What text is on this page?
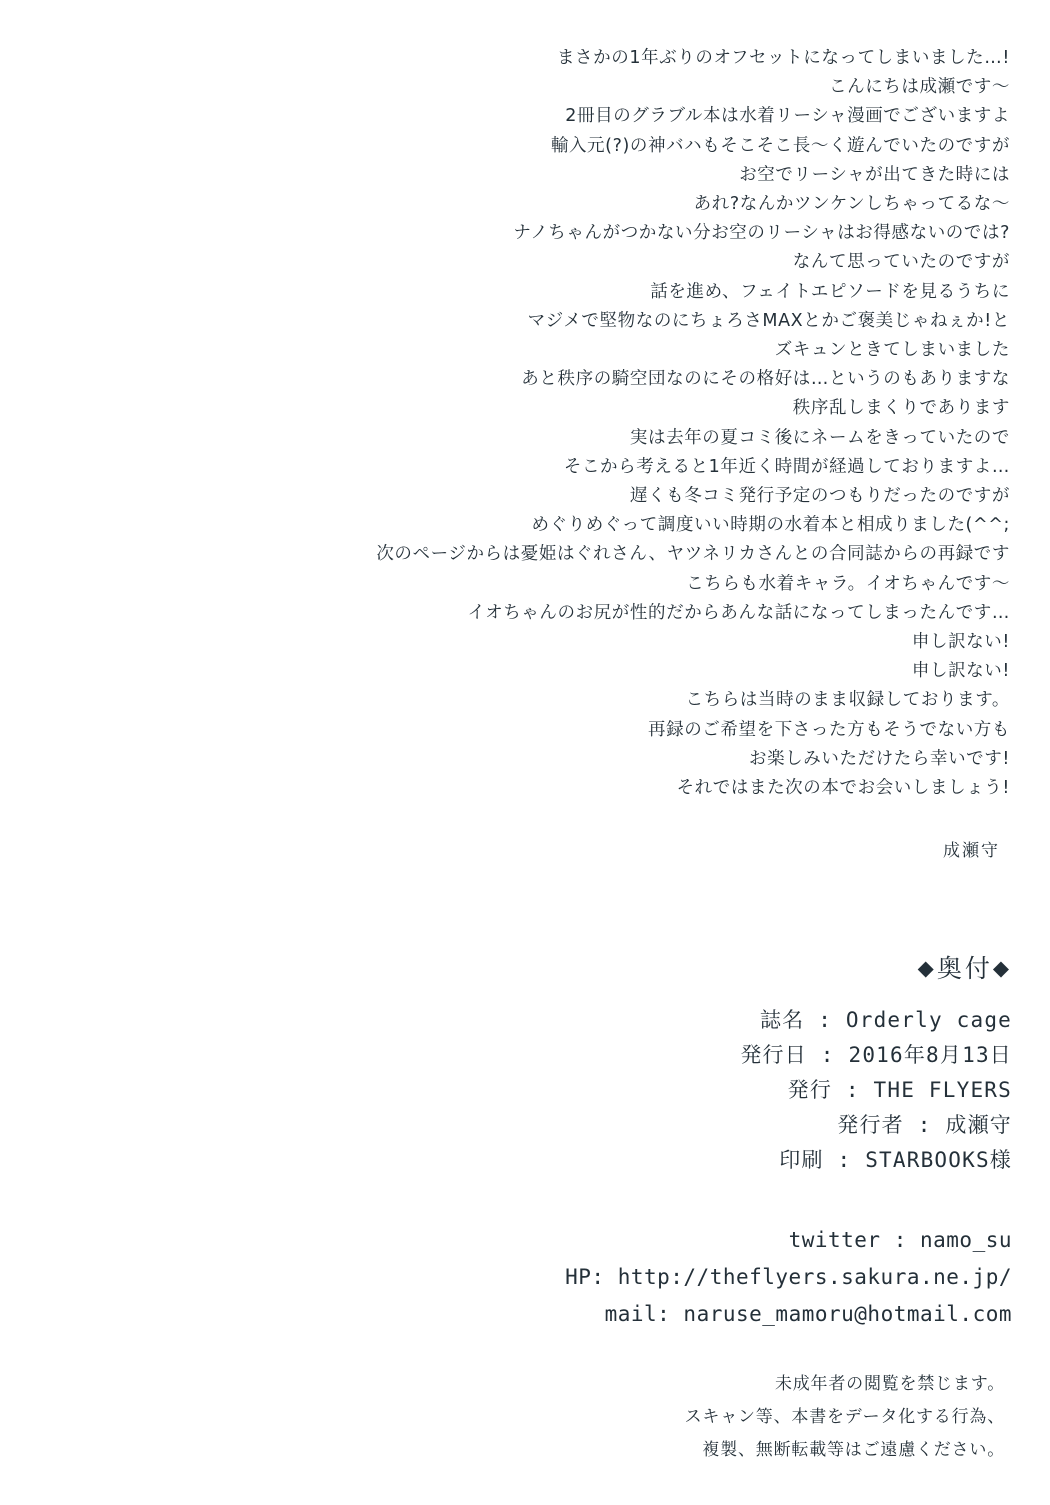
まさかの1年ぶりのオフセットになってしまいました…!

こんにちは成瀬です～

2冊目のグラブル本は水着リーシャ漫画でございますよ

輸入元(?)の神バハもそこそこ長～く遊んでいたのですが

お空でリーシャが出てきた時には

あれ?なんかツンケンしちゃってるな～

ナノちゃんがつかない分お空のリーシャはお得感ないのでは?

なんて思っていたのですが

話を進め、フェイトエピソードを見るうちに

マジメで堅物なのにちょろさMAXとかご褒美じゃねぇか!と

ズキュンときてしまいました

あと秩序の騎空団なのにその格好は…というのもありますな

秩序乱しまくりであります

実は去年の夏コミ後にネームをきっていたので

そこから考えると1年近く時間が経過しておりますよ…

遅くも冬コミ発行予定のつもりだったのですが

めぐりめぐって調度いい時期の水着本と相成りました(^^;

次のページからは憂姫はぐれさん、ヤツネリカさんとの合同誌からの再録です

こちらも水着キャラ。イオちゃんです～

イオちゃんのお尻が性的だからあんな話になってしまったんです…

申し訳ない!

申し訳ない!

こちらは当時のまま収録しております。

再録のご希望を下さった方もそうでない方も

お楽しみいただけたら幸いです!

それではまた次の本でお会いしましょう!

成瀬守

◆奥付◆
誌名 : Orderly cage
発行日 : 2016年8月13日
発行 : THE FLYERS
発行者 : 成瀬守
印刷 : STARBOOKS様
twitter : namo_su
HP: http://theflyers.sakura.ne.jp/
mail: naruse_mamoru@hotmail.com
未成年者の閲覧を禁じます。
スキャン等、本書をデータ化する行為、
複製、無断転載等はご遠慮ください。
